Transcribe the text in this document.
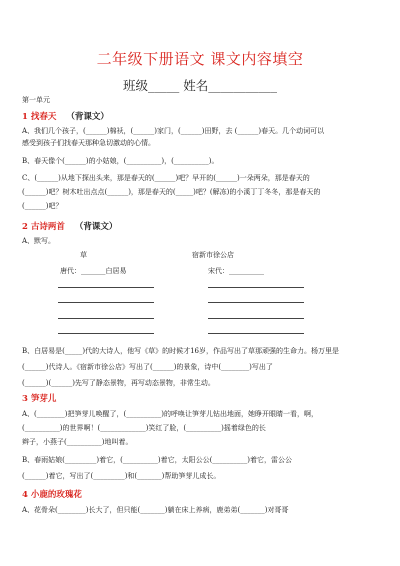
二年级下册语文 课文内容填空
班级_____ 姓名___________
第一单元
1 找春天 （背课文）
A、我们几个孩子，(______)棉袄，(______)家门，(______)田野，去 (______)春天。几个动词可以
感受到孩子们找春天那种急切激动的心情。
B、春天像个(______)的小姑娘，(__________)，(__________)。
C、(______)从地下探出头来，那是春天的(______)吧？早开的(______)一朵两朵，那是春天的
(______)吧？树木吐出点点(______)，那是春天的(_____)吧？(解冻)的小溪丁丁冬冬，那是春天的
(______)吧？
2 古诗两首 （背课文）
A、默写。
草	宿新市徐公店
唐代：_______白居易	宋代：__________
B、白居易是(_____)代的大诗人，他写《草》的时候才16岁，作品写出了草那顽强的生命力。杨万里是
(______)代诗人。《宿新市徐公店》写出了(______)的景象，诗中(________)写出了
(______)(______)先写了静态景物，再写动态景物，非常生动。
3 笋芽儿
A、(________)把笋芽儿唤醒了，(__________)的呼唤让笋芽儿钻出地面，她睁开眼睛一看，啊，
(__________)的世界啊！(_____________)笑红了脸，(__________)摇着绿色的长
辫子，小燕子(__________)地叫着。
B、春雨姑娘(_________)着它，(__________)着它，太阳公公(__________)着它，雷公公
(______)着它，写出了(_________)和(_______)帮助笋芽儿成长。
4 小鹿的玫瑰花
A、花骨朵(________)长大了，但只能(_______)躺在床上养病，鹿弟弟(_______)对哥哥
